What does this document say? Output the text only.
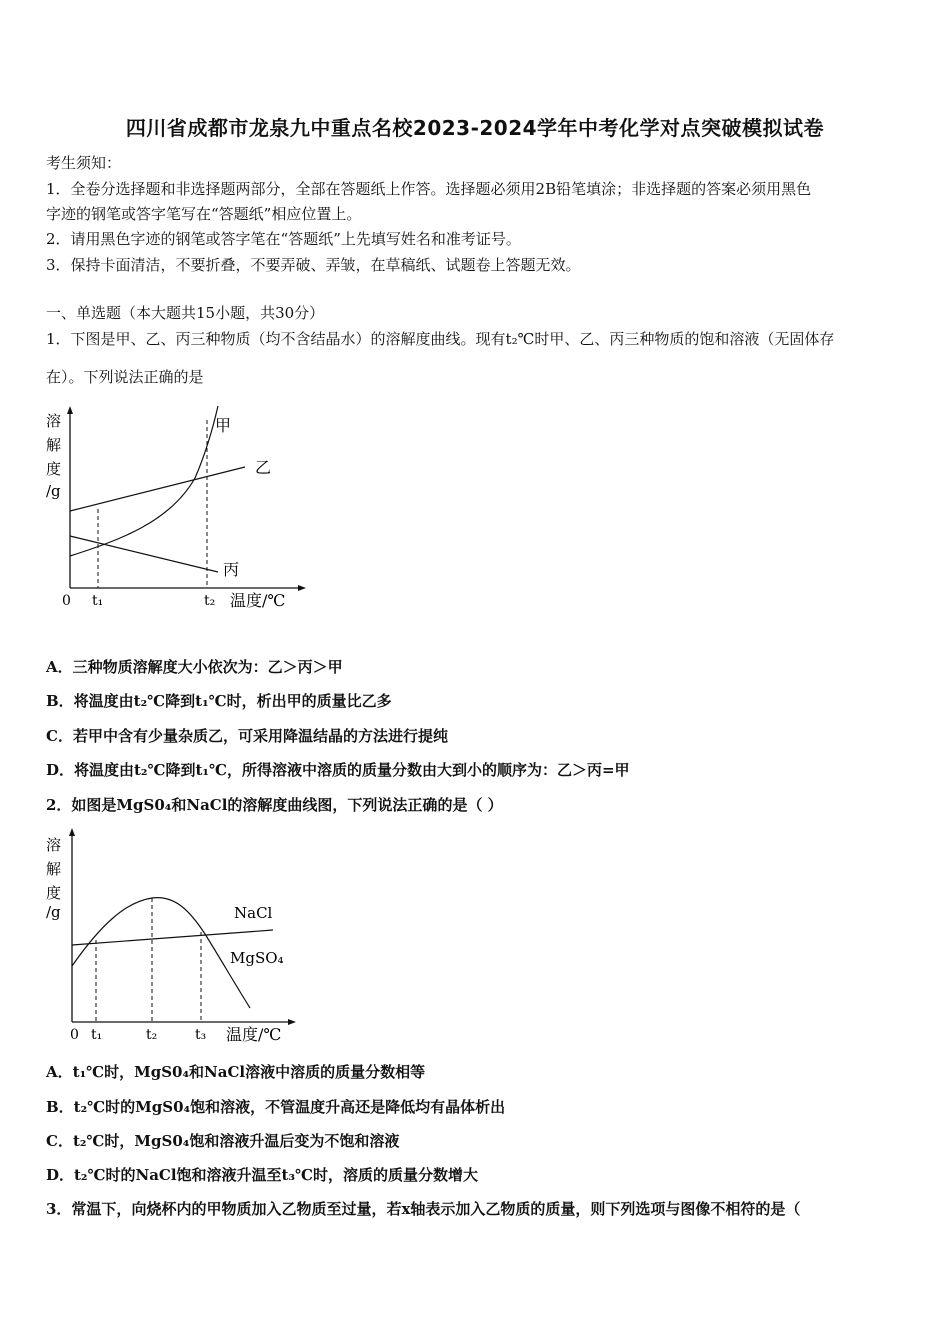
四川省成都市龙泉九中重点名校2023-2024学年中考化学对点突破模拟试卷
考生须知：
1．全卷分选择题和非选择题两部分，全部在答题纸上作答。选择题必须用2B铅笔填涂；非选择题的答案必须用黑色
字迹的钢笔或答字笔写在“答题纸”相应位置上。
2．请用黑色字迹的钢笔或答字笔在“答题纸”上先填写姓名和准考证号。
3．保持卡面清洁，不要折叠，不要弄破、弄皱，在草稿纸、试题卷上答题无效。
一、单选题（本大题共15小题，共30分）
1．下图是甲、乙、丙三种物质（均不含结晶水）的溶解度曲线。现有t₂℃时甲、乙、丙三种物质的饱和溶液（无固体存
在）。下列说法正确的是
溶
解
度
/g
0 t₁	t₂ 温度/℃
甲
乙
丙
A．三种物质溶解度大小依次为：乙＞丙＞甲
B．将温度由t₂℃降到t₁℃时，析出甲的质量比乙多
C．若甲中含有少量杂质乙，可采用降温结晶的方法进行提纯
D．将温度由t₂℃降到t₁℃，所得溶液中溶质的质量分数由大到小的顺序为：乙＞丙=甲
2．如图是MgS0₄和NaCl的溶解度曲线图，下列说法正确的是（ ）
溶
解
度
/g
0 t₁	t₂	t₃ 温度/℃
NaCl
MgSO₄
A．t₁℃时，MgS0₄和NaCl溶液中溶质的质量分数相等
B．t₂℃时的MgS0₄饱和溶液，不管温度升高还是降低均有晶体析出
C．t₂℃时，MgS0₄饱和溶液升温后变为不饱和溶液
D．t₂℃时的NaCl饱和溶液升温至t₃℃时，溶质的质量分数增大
3．常温下，向烧杯内的甲物质加入乙物质至过量，若x轴表示加入乙物质的质量，则下列选项与图像不相符的是（
